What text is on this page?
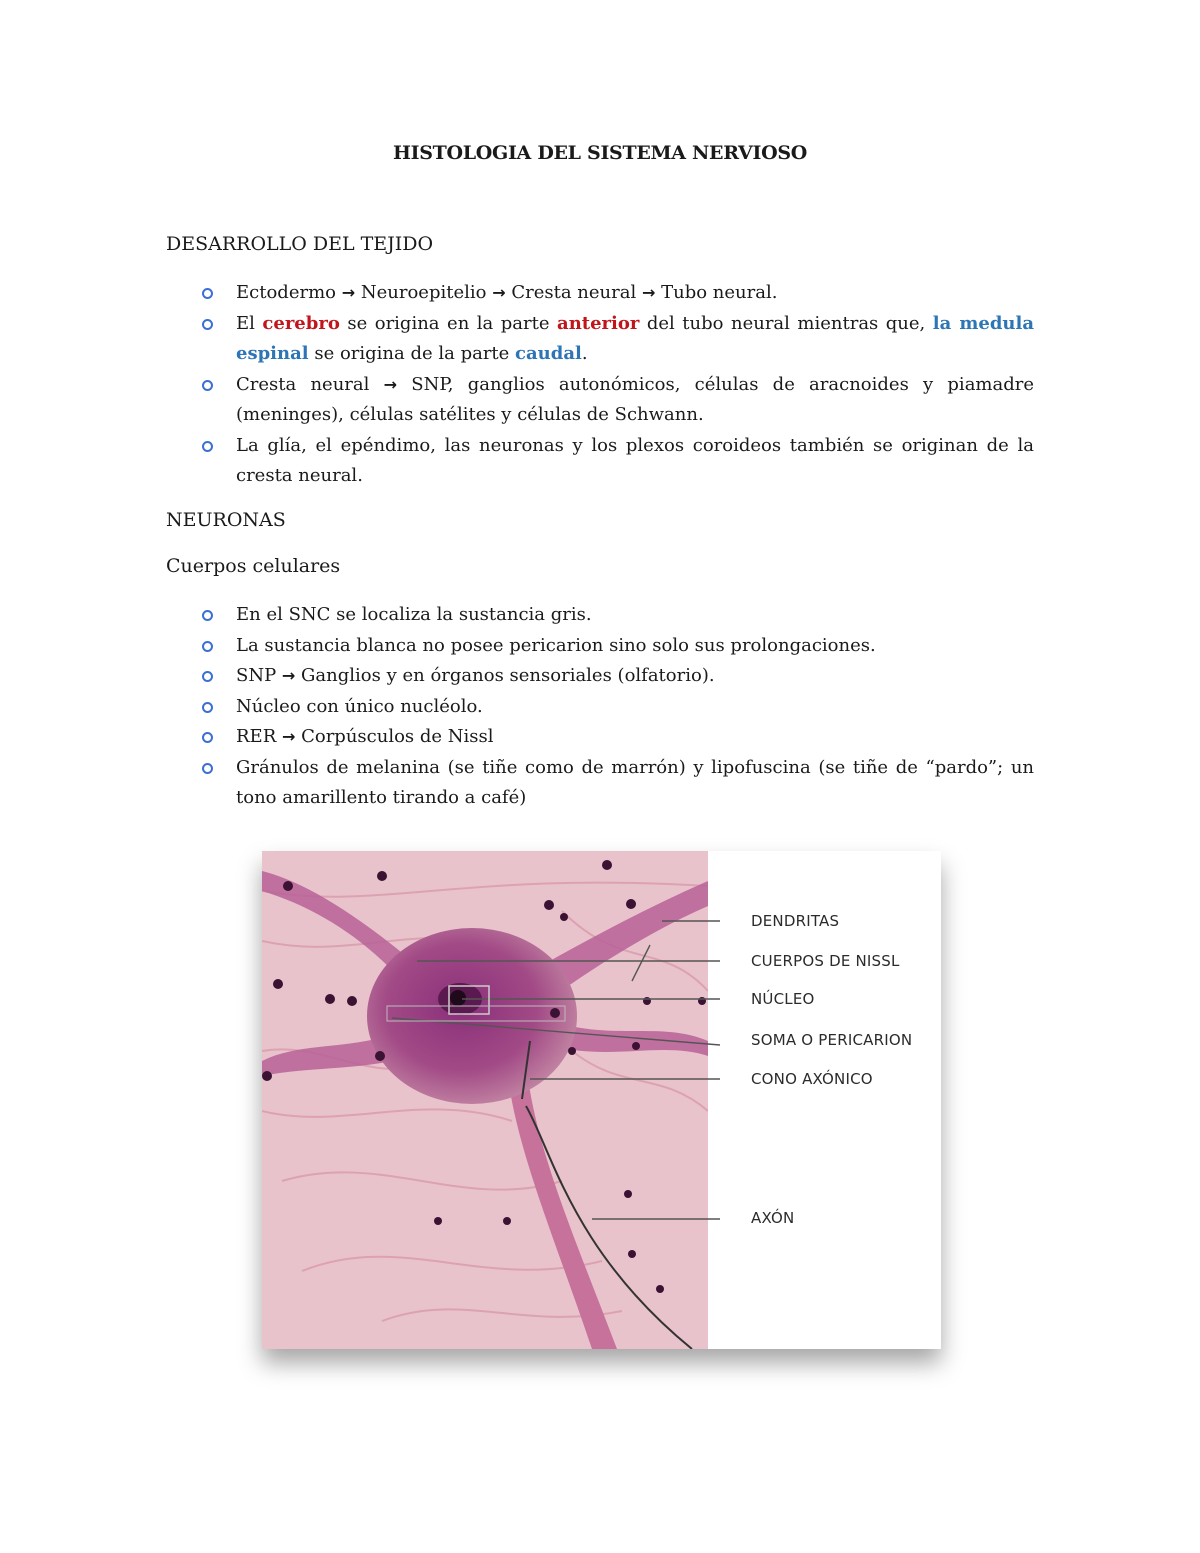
HISTOLOGIA DEL SISTEMA NERVIOSO
DESARROLLO DEL TEJIDO
Ectodermo → Neuroepitelio → Cresta neural → Tubo neural.
El cerebro se origina en la parte anterior del tubo neural mientras que, la medula espinal se origina de la parte caudal.
Cresta neural → SNP, ganglios autonómicos, células de aracnoides y piamadre (meninges), células satélites y células de Schwann.
La glía, el epéndimo, las neuronas y los plexos coroideos también se originan de la cresta neural.
NEURONAS
Cuerpos celulares
En el SNC se localiza la sustancia gris.
La sustancia blanca no posee pericarion sino solo sus prolongaciones.
SNP → Ganglios y en órganos sensoriales (olfatorio).
Núcleo con único nucléolo.
RER → Corpúsculos de Nissl
Gránulos de melanina (se tiñe como de marrón) y lipofuscina (se tiñe de “pardo”; un tono amarillento tirando a café)
DENDRITAS
CUERPOS DE NISSL
NÚCLEO
SOMA O PERICARION
CONO AXÓNICO
AXÓN
